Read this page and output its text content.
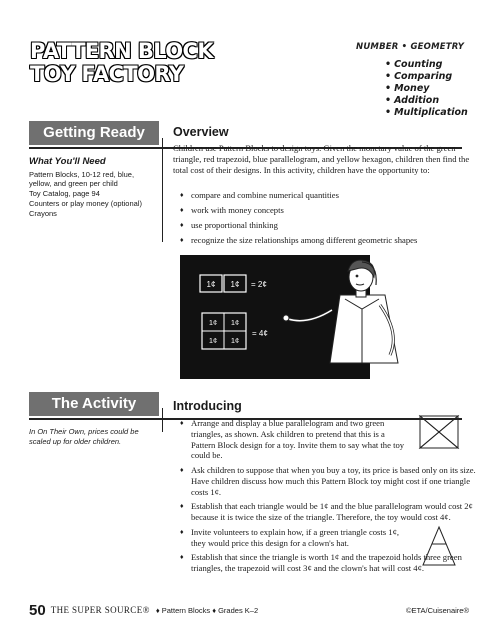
PATTERN BLOCK
TOY FACTORY
NUMBER • GEOMETRY
• Counting
• Comparing
• Money
• Addition
• Multiplication
Getting Ready	Overview
What You'll Need
Pattern Blocks, 10-12 red, blue, yellow, and green per child
Toy Catalog, page 94
Counters or play money (optional)
Crayons

Children use Pattern Blocks to design toys. Given the monetary value of the green triangle, red trapezoid, blue parallelogram, and yellow hexagon, children then find the total cost of their designs. In this activity, children have the opportunity to:

♦ compare and combine numerical quantities
♦ work with money concepts
♦ use proportional thinking
♦ recognize the size relationships among different geometric shapes
1¢ 1¢ = 2¢
1¢ 1¢
1¢ 1¢
= 4¢
The Activity	Introducing

In On Their Own, prices could be scaled up for older children.

♦ Arrange and display a blue parallelogram and two green triangles, as shown. Ask children to pretend that this is a Pattern Block design for a toy. Invite them to say what the toy could be.
♦ Ask children to suppose that when you buy a toy, its price is based only on its size. Have children discuss how much this Pattern Block toy might cost if one triangle costs 1¢.
♦ Establish that each triangle would be 1¢ and the blue parallelogram would cost 2¢ because it is twice the size of the triangle. Therefore, the toy would cost 4¢.
♦ Invite volunteers to explain how, if a green triangle costs 1¢, they would price this design for a clown's hat.
♦ Establish that since the triangle is worth 1¢ and the trapezoid holds three green triangles, the trapezoid will cost 3¢ and the clown's hat will cost 4¢.
50 THE SUPER SOURCE® ♦ Pattern Blocks ♦ Grades K–2	©ETA/Cuisenaire®
